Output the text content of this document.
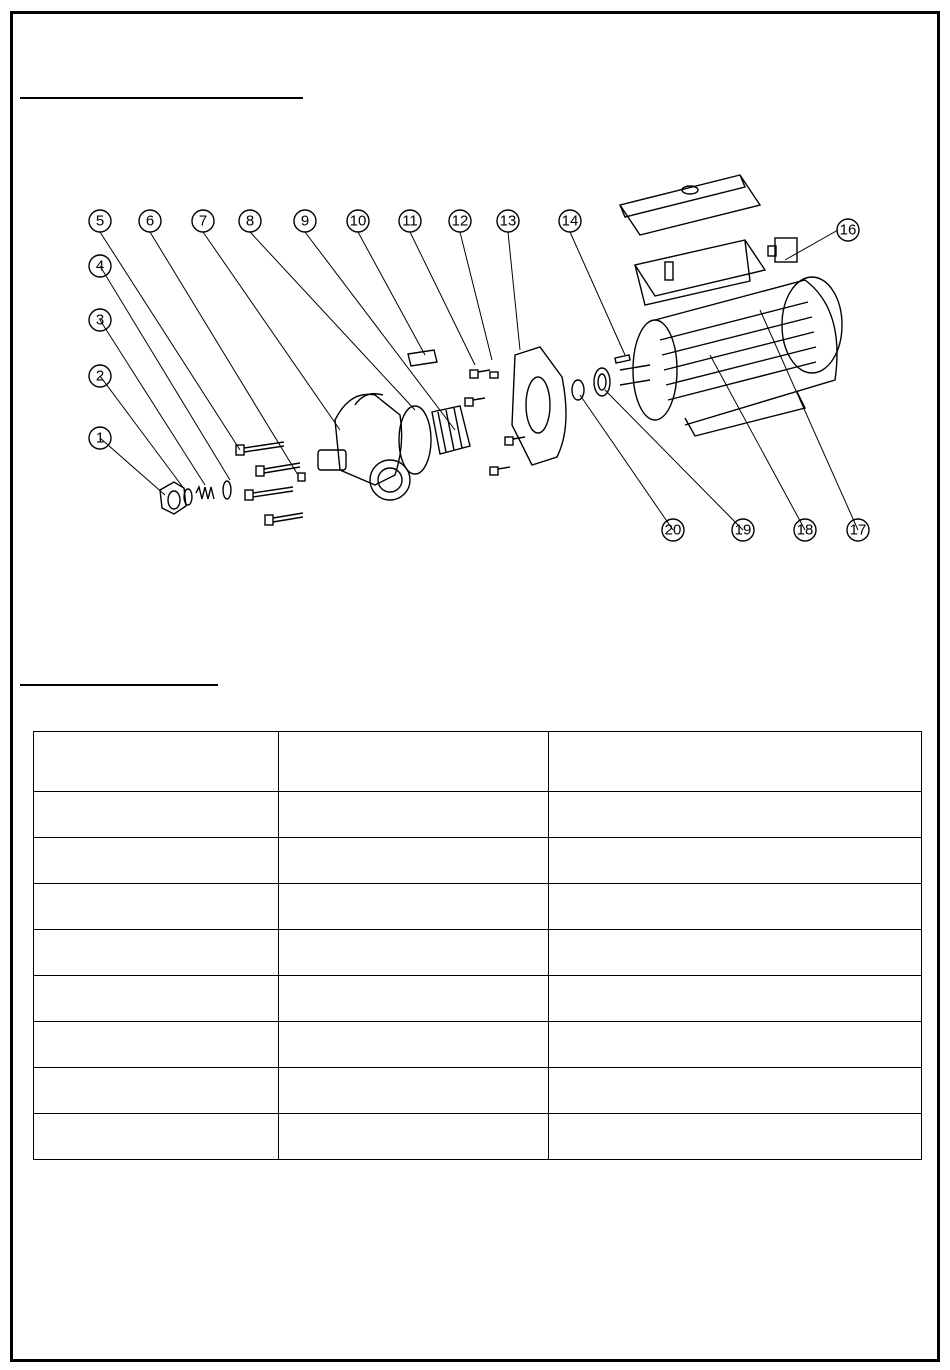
1
2
3
4
5	6	7	8	9	10 11 12 13	14
16
17
18
19
20
